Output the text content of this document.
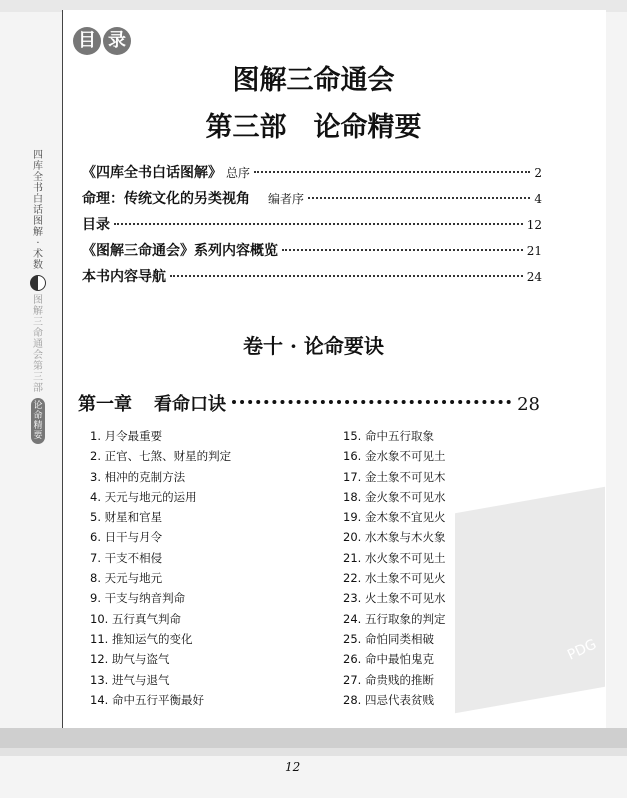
四库全书白话图解·术数
图解三命通会第三部
论命精要
目 录
图解三命通会
第三部　论命精要
《四库全书白话图解》 总序	2
命理：传统文化的另类视角 编者序	4
目录	12
《图解三命通会》系列内容概览	21
本书内容导航	24
卷十 · 论命要诀
第一章 看命口诀	28
PDG
1. 月令最重要
2. 正官、七煞、财星的判定
3. 相冲的克制方法
4. 天元与地元的运用
5. 财星和官星
6. 日干与月令
7. 干支不相侵
8. 天元与地元
9. 干支与纳音判命
10. 五行真气判命
11. 推知运气的变化
12. 助气与盗气
13. 进气与退气
14. 命中五行平衡最好
15. 命中五行取象
16. 金水象不可见土
17. 金土象不可见木
18. 金火象不可见水
19. 金木象不宜见火
20. 水木象与木火象
21. 水火象不可见土
22. 水土象不可见火
23. 火土象不可见水
24. 五行取象的判定
25. 命怕同类相破
26. 命中最怕鬼克
27. 命贵贱的推断
28. 四忌代表贫贱
12
